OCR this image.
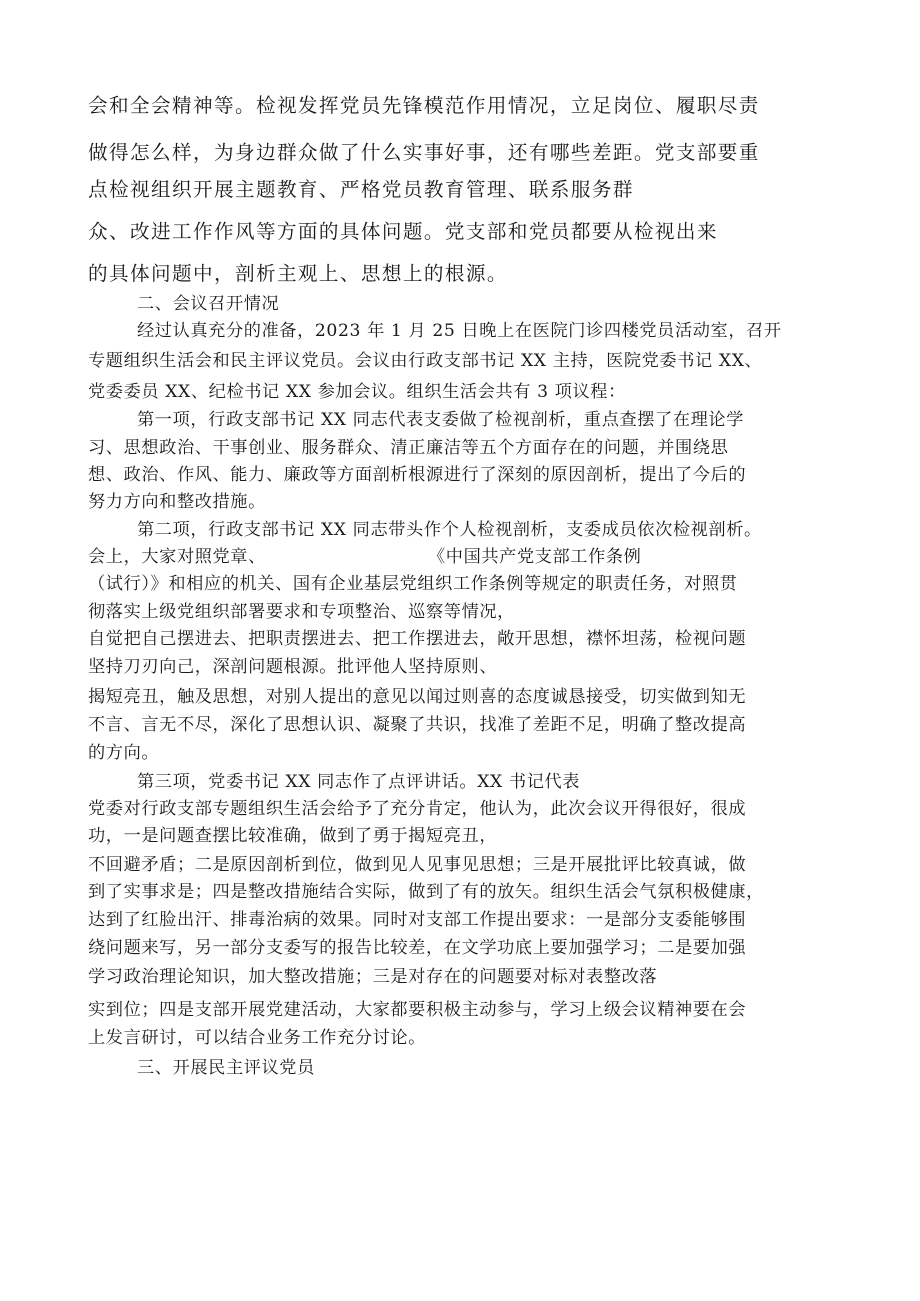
会和全会精神等。检视发挥党员先锋模范作用情况，立足岗位、履职尽责
做得怎么样，为身边群众做了什么实事好事，还有哪些差距。党支部要重
点检视组织开展主题教育、严格党员教育管理、联系服务群
众、改进工作作风等方面的具体问题。党支部和党员都要从检视出来
的具体问题中，剖析主观上、思想上的根源。
二、会议召开情况
经过认真充分的准备，2023 年 1 月 25 日晚上在医院门诊四楼党员活动室，召开
专题组织生活会和民主评议党员。会议由行政支部书记 XX 主持，医院党委书记 XX、
党委委员 XX、纪检书记 XX 参加会议。组织生活会共有 3 项议程：
第一项，行政支部书记 XX 同志代表支委做了检视剖析，重点查摆了在理论学
习、思想政治、干事创业、服务群众、清正廉洁等五个方面存在的问题，并围绕思
想、政治、作风、能力、廉政等方面剖析根源进行了深刻的原因剖析，提出了今后的
努力方向和整改措施。
第二项，行政支部书记 XX 同志带头作个人检视剖析，支委成员依次检视剖析。
会上，大家对照党章、	《中国共产党支部工作条例
（试行）》和相应的机关、国有企业基层党组织工作条例等规定的职责任务，对照贯
彻落实上级党组织部署要求和专项整治、巡察等情况，
自觉把自己摆进去、把职责摆进去、把工作摆进去，敞开思想，襟怀坦荡，检视问题
坚持刀刃向己，深剖问题根源。批评他人坚持原则、
揭短亮丑，触及思想，对别人提出的意见以闻过则喜的态度诚恳接受，切实做到知无
不言、言无不尽，深化了思想认识、凝聚了共识，找准了差距不足，明确了整改提高
的方向。
第三项，党委书记 XX 同志作了点评讲话。XX 书记代表
党委对行政支部专题组织生活会给予了充分肯定，他认为，此次会议开得很好，很成
功，一是问题查摆比较准确，做到了勇于揭短亮丑，
不回避矛盾；二是原因剖析到位，做到见人见事见思想；三是开展批评比较真诚，做
到了实事求是；四是整改措施结合实际，做到了有的放矢。组织生活会气氛积极健康，
达到了红脸出汗、排毒治病的效果。同时对支部工作提出要求：一是部分支委能够围
绕问题来写，另一部分支委写的报告比较差，在文学功底上要加强学习；二是要加强
学习政治理论知识，加大整改措施；三是对存在的问题要对标对表整改落
实到位；四是支部开展党建活动，大家都要积极主动参与，学习上级会议精神要在会
上发言研讨，可以结合业务工作充分讨论。
三、开展民主评议党员
